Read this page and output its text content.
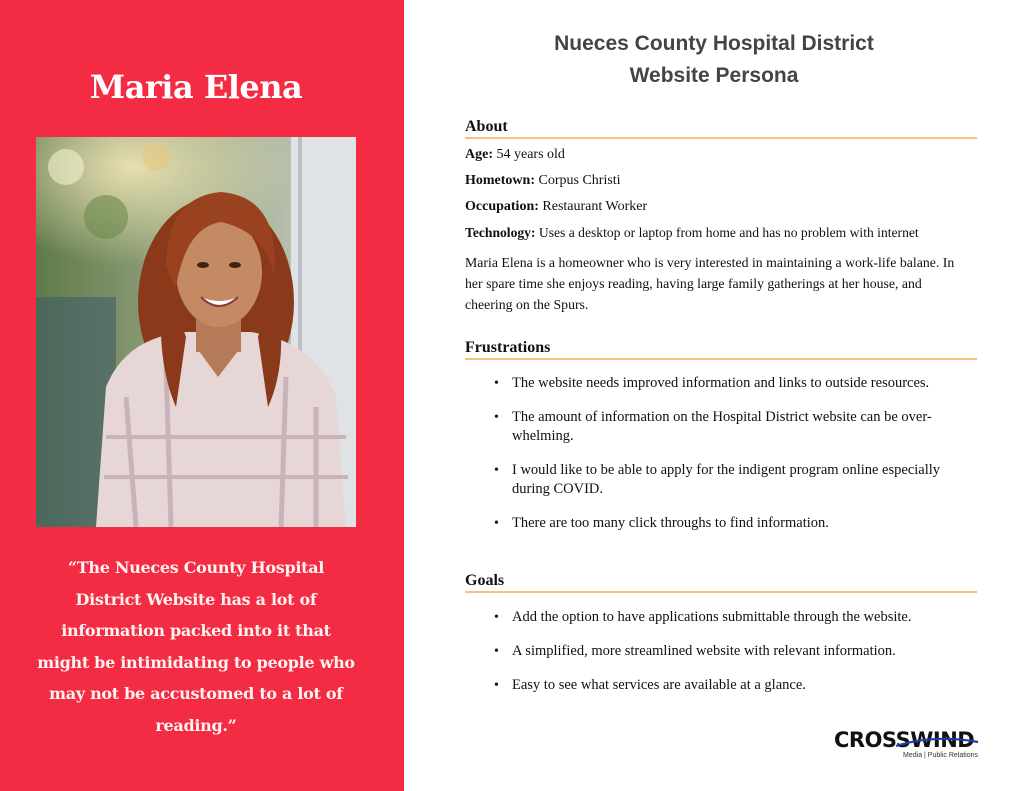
Maria Elena

“The Nueces County Hospital District Website has a lot of information packed into it that might be intimidating to people who may not be accustomed to a lot of reading.”

Nueces County Hospital District
Website Persona
About

Age: 54 years old

Hometown: Corpus Christi

Occupation: Restaurant Worker

Technology: Uses a desktop or laptop from home and has no problem with internet

Maria Elena is a homeowner who is very interested in maintaining a work-life balane. In her spare time she enjoys reading, having large family gatherings at her house, and cheering on the Spurs.

Frustrations
• The website needs improved information and links to outside resources.
• The amount of information on the Hospital District website can be over-whelming.
• I would like to be able to apply for the indigent program online especially during COVID.
• There are too many click throughs to find information.
Goals
• Add the option to have applications submittable through the website.
• A simplified, more streamlined website with relevant information.
• Easy to see what services are available at a glance.
CROSSWIND
Media | Public Relations
